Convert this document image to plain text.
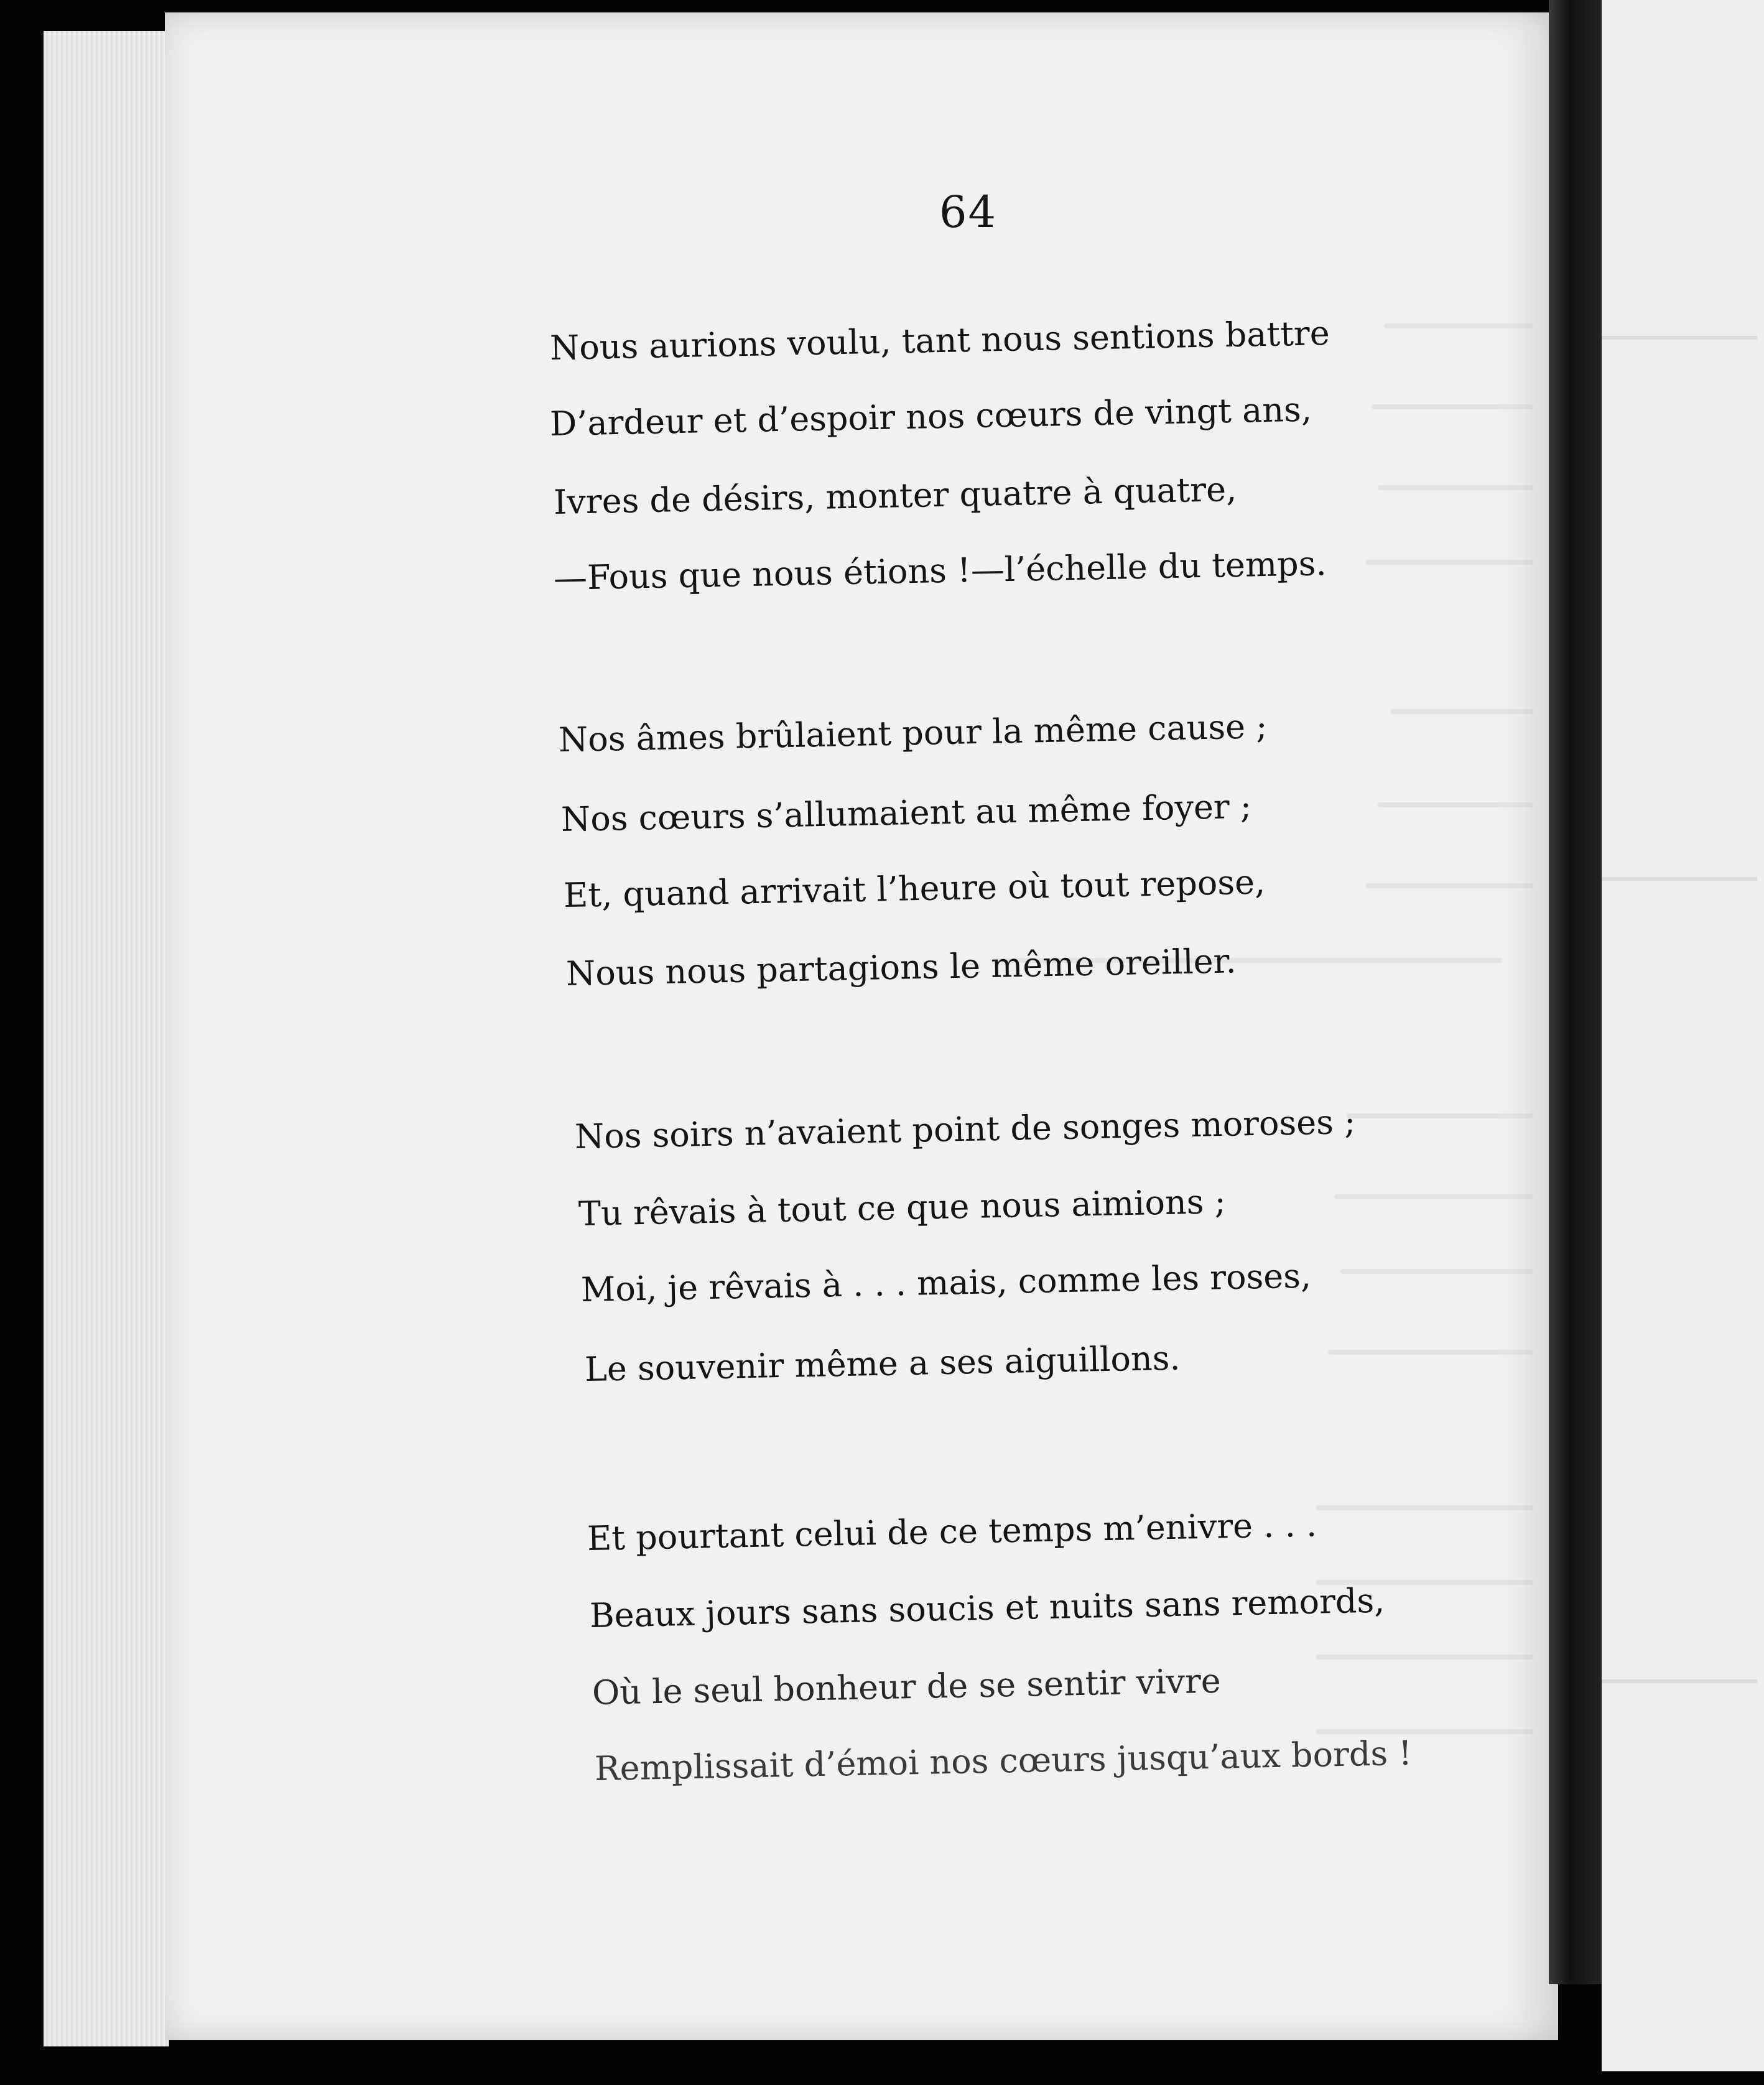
64
Nous aurions voulu, tant nous sentions battre
D’ardeur et d’espoir nos cœurs de vingt ans,
Ivres de désirs, monter quatre à quatre,
—Fous que nous étions !—l’échelle du temps.
Nos âmes brûlaient pour la même cause ;
Nos cœurs s’allumaient au même foyer ;
Et, quand arrivait l’heure où tout repose,
Nous nous partagions le même oreiller.
Nos soirs n’avaient point de songes moroses ;
Tu rêvais à tout ce que nous aimions ;
Moi, je rêvais à . . . mais, comme les roses,
Le souvenir même a ses aiguillons.
Et pourtant celui de ce temps m’enivre . . .
Beaux jours sans soucis et nuits sans remords,
Où le seul bonheur de se sentir vivre
Remplissait d’émoi nos cœurs jusqu’aux bords !
